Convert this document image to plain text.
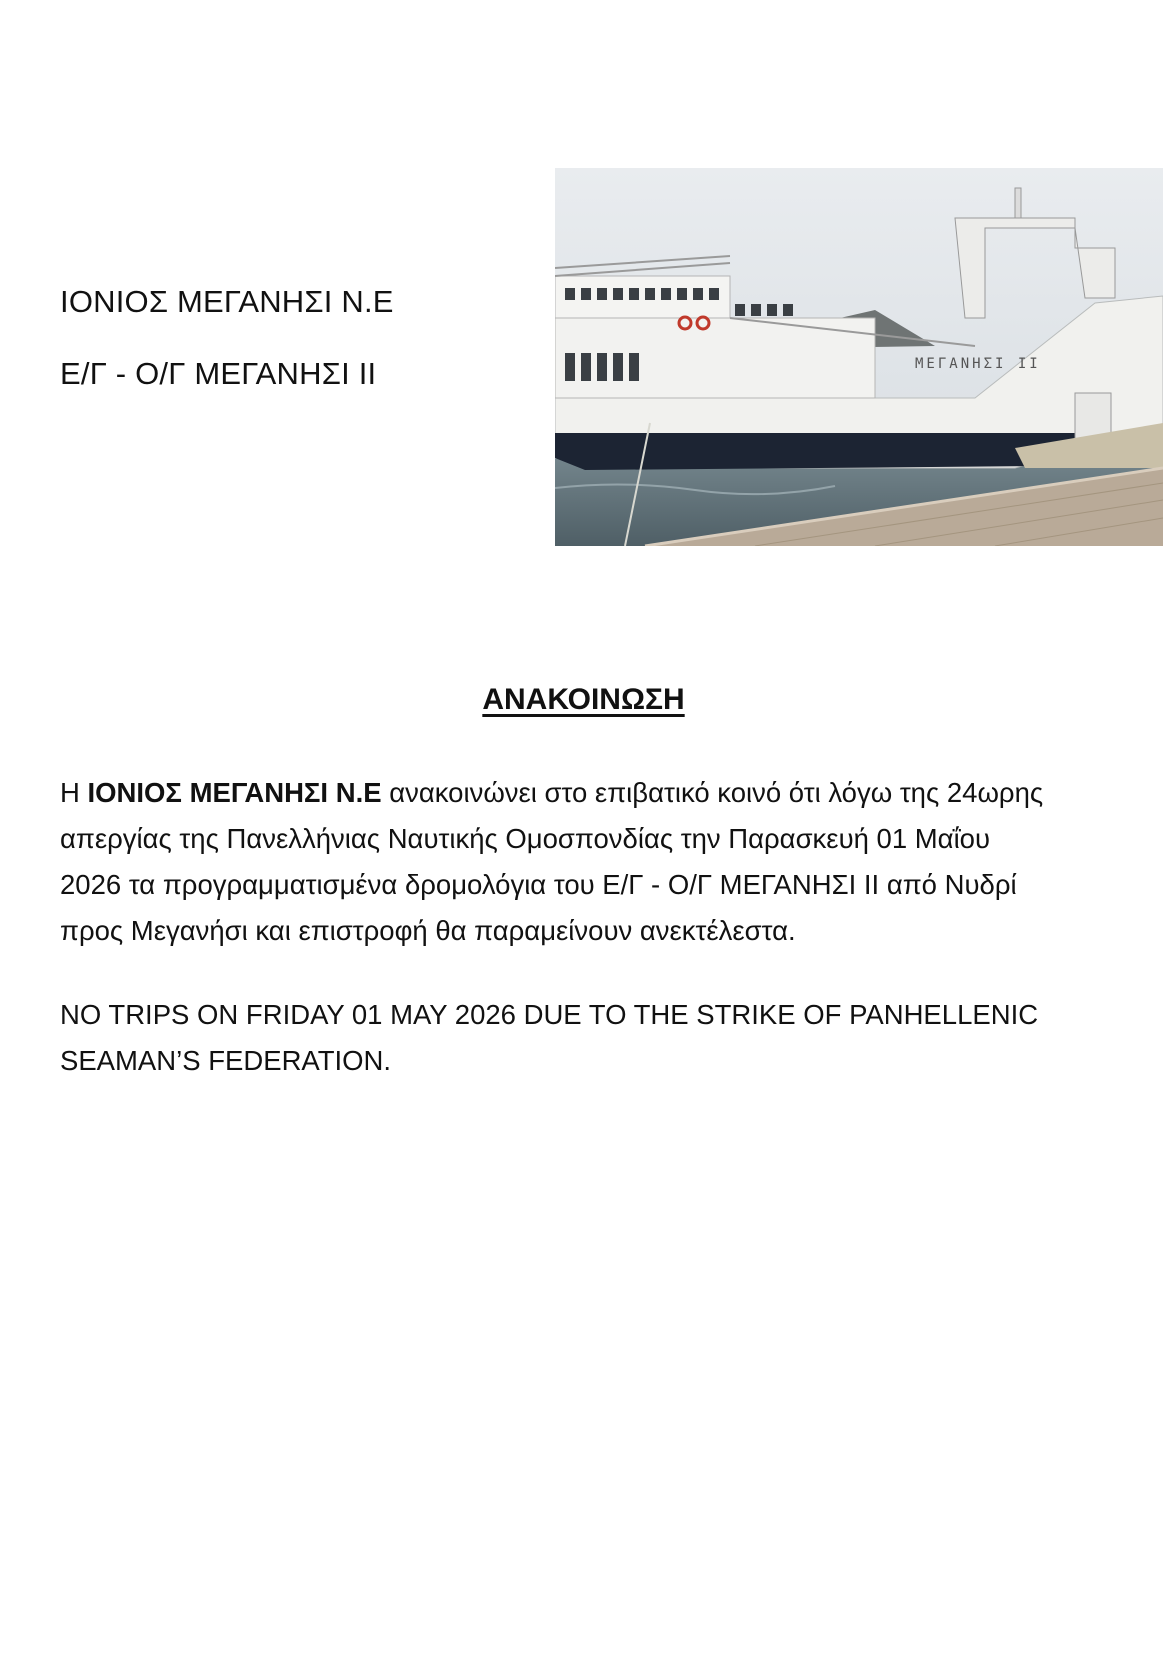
ΙΟΝΙΟΣ ΜΕΓΑΝΗΣΙ Ν.Ε

Ε/Γ - Ο/Γ ΜΕΓΑΝΗΣΙ ΙΙ	ΜΕΓΑΝΗΣΙ ΙΙ
ΑΝΑΚΟΙΝΩΣΗ

Η ΙΟΝΙΟΣ ΜΕΓΑΝΗΣΙ Ν.Ε ανακοινώνει στο επιβατικό κοινό ότι λόγω της 24ωρης
απεργίας της Πανελλήνιας Ναυτικής Ομοσπονδίας την Παρασκευή 01 Μαΐου
2026 τα προγραμματισμένα δρομολόγια του Ε/Γ - Ο/Γ ΜΕΓΑΝΗΣΙ ΙΙ από Νυδρί
προς Μεγανήσι και επιστροφή θα παραμείνουν ανεκτέλεστα.

NO TRIPS ON FRIDAY 01 MAY 2026 DUE TO THE STRIKE OF PANHELLENIC
SEAMAN’S FEDERATION.
